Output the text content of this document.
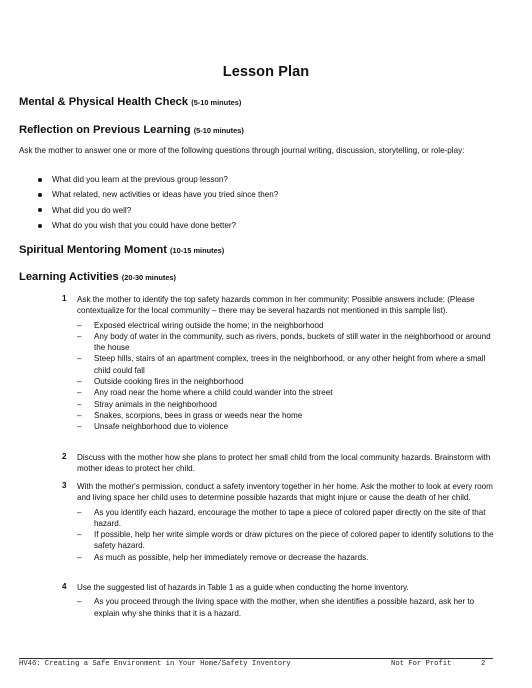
Lesson Plan
Mental & Physical Health Check (5-10 minutes)
Reflection on Previous Learning (5-10 minutes)
Ask the mother to answer one or more of the following questions through journal writing, discussion, storytelling, or role-play:
What did you learn at the previous group lesson?
What related, new activities or ideas have you tried since then?
What did you do well?
What do you wish that you could have done better?
Spiritual Mentoring Moment (10-15 minutes)
Learning Activities (20-30 minutes)
1 Ask the mother to identify the top safety hazards common in her community: Possible answers include: (Please contextualize for the local community – there may be several hazards not mentioned in this sample list).
– Exposed electrical wiring outside the home; in the neighborhood
– Any body of water in the community, such as rivers, ponds, buckets of still water in the neighborhood or around the house
– Steep hills, stairs of an apartment complex, trees in the neighborhood, or any other height from where a small child could fall
– Outside cooking fires in the neighborhood
– Any road near the home where a child could wander into the street
– Stray animals in the neighborhood
– Snakes, scorpions, bees in grass or weeds near the home
– Unsafe neighborhood due to violence
2 Discuss with the mother how she plans to protect her small child from the local community hazards. Brainstorm with mother ideas to protect her child.
3 With the mother's permission, conduct a safety inventory together in her home. Ask the mother to look at every room and living space her child uses to determine possible hazards that might injure or cause the death of her child.
– As you identify each hazard, encourage the mother to tape a piece of colored paper directly on the site of that hazard.
– If possible, help her write simple words or draw pictures on the piece of colored paper to identify solutions to the safety hazard.
– As much as possible, help her immediately remove or decrease the hazards.
4 Use the suggested list of hazards in Table 1 as a guide when conducting the home inventory.
– As you proceed through the living space with the mother, when she identifies a possible hazard, ask her to explain why she thinks that it is a hazard.
HV46: Creating a Safe Environment in Your Home/Safety Inventory	Not For Profit	2
